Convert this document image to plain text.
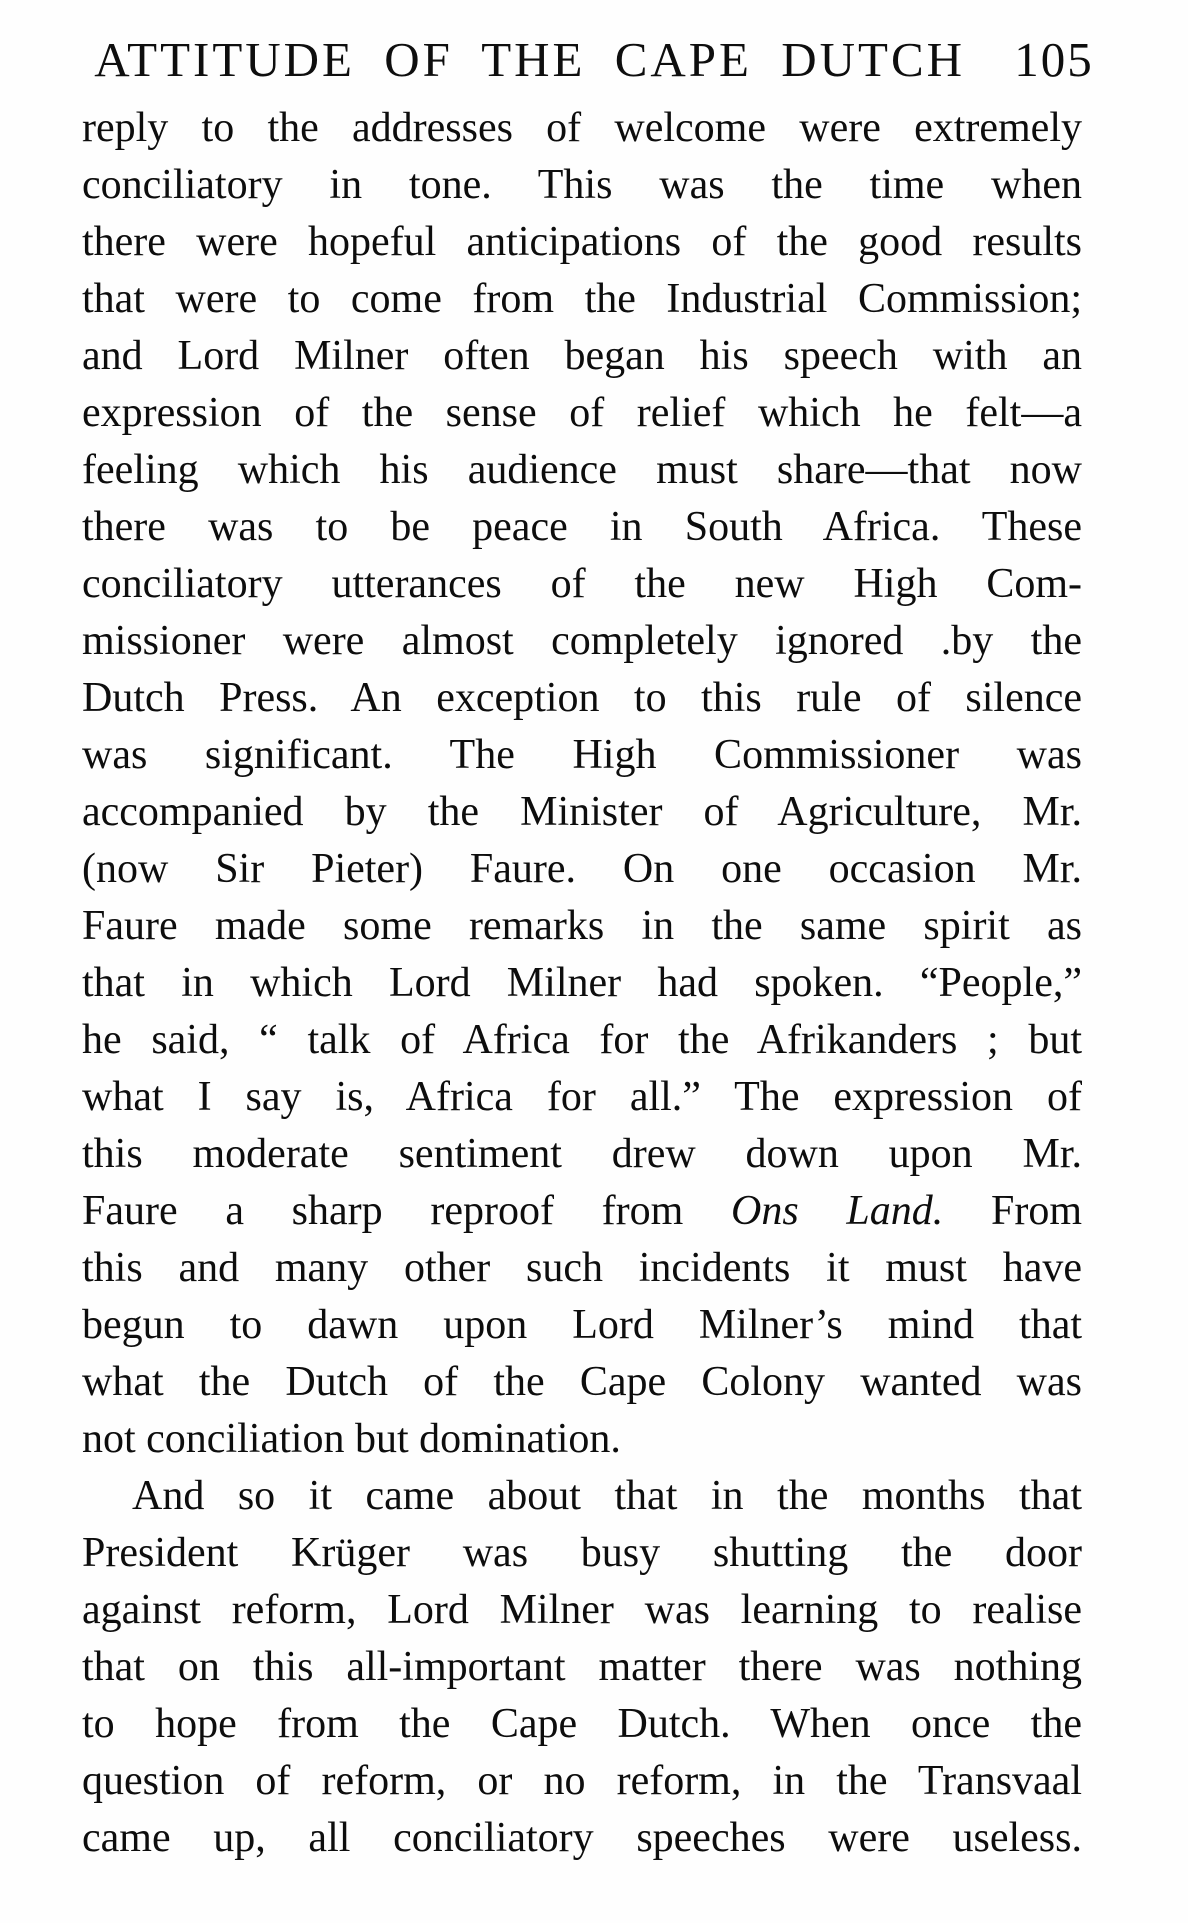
ATTITUDE OF THE CAPE DUTCH 105
reply to the addresses of welcome were extremely
conciliatory in tone. This was the time when
there were hopeful anticipations of the good results
that were to come from the Industrial Commission;
and Lord Milner often began his speech with an
expression of the sense of relief which he felt—a
feeling which his audience must share—that now
there was to be peace in South Africa. These
conciliatory utterances of the new High Com-
missioner were almost completely ignored .by the
Dutch Press. An exception to this rule of silence
was significant. The High Commissioner was
accompanied by the Minister of Agriculture, Mr.
(now Sir Pieter) Faure. On one occasion Mr.
Faure made some remarks in the same spirit as
that in which Lord Milner had spoken. “People,”
he said, “ talk of Africa for the Afrikanders ; but
what I say is, Africa for all.” The expression of
this moderate sentiment drew down upon Mr.
Faure a sharp reproof from Ons Land. From
this and many other such incidents it must have
begun to dawn upon Lord Milner’s mind that
what the Dutch of the Cape Colony wanted was
not conciliation but domination.
And so it came about that in the months that
President Krüger was busy shutting the door
against reform, Lord Milner was learning to realise
that on this all-important matter there was nothing
to hope from the Cape Dutch. When once the
question of reform, or no reform, in the Transvaal
came up, all conciliatory speeches were useless.
